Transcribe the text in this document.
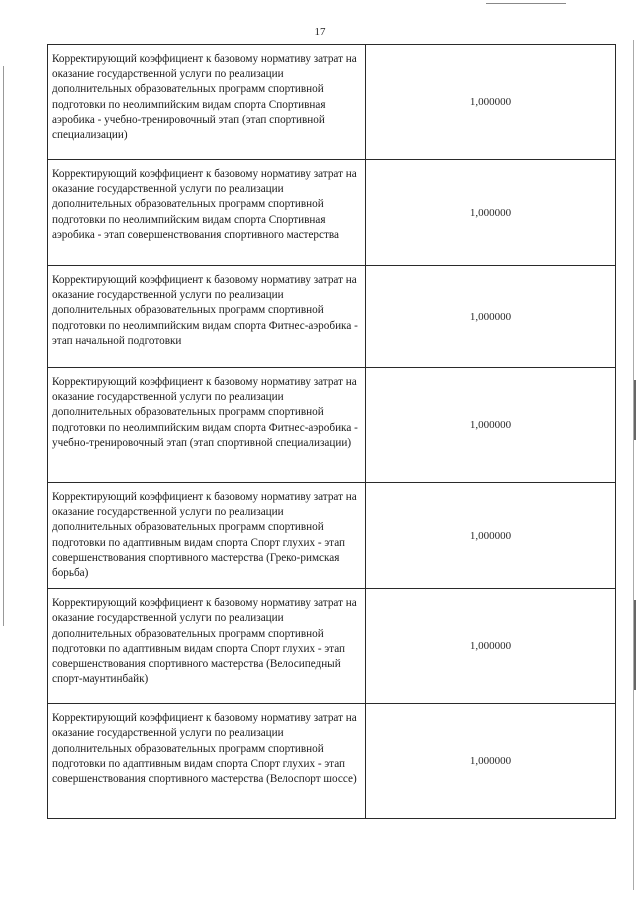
17
Корректирующий коэффициент к базовому нормативу затрат на оказание государственной услуги по реализации дополнительных образовательных программ спортивной подготовки по неолимпийским видам спорта Спортивная аэробика - учебно-тренировочный этап (этап спортивной специализации)	1,000000
Корректирующий коэффициент к базовому нормативу затрат на оказание государственной услуги по реализации дополнительных образовательных программ спортивной подготовки по неолимпийским видам спорта Спортивная аэробика - этап совершенствования спортивного мастерства	1,000000
Корректирующий коэффициент к базовому нормативу затрат на оказание государственной услуги по реализации дополнительных образовательных программ спортивной подготовки по неолимпийским видам спорта Фитнес-аэробика - этап начальной подготовки	1,000000
Корректирующий коэффициент к базовому нормативу затрат на оказание государственной услуги по реализации дополнительных образовательных программ спортивной подготовки по неолимпийским видам спорта Фитнес-аэробика - учебно-тренировочный этап (этап спортивной специализации)	1,000000
Корректирующий коэффициент к базовому нормативу затрат на оказание государственной услуги по реализации дополнительных образовательных программ спортивной подготовки по адаптивным видам спорта Спорт глухих - этап совершенствования спортивного мастерства (Греко-римская борьба)	1,000000
Корректирующий коэффициент к базовому нормативу затрат на оказание государственной услуги по реализации дополнительных образовательных программ спортивной подготовки по адаптивным видам спорта Спорт глухих - этап совершенствования спортивного мастерства (Велосипедный спорт-маунтинбайк)	1,000000
Корректирующий коэффициент к базовому нормативу затрат на оказание государственной услуги по реализации дополнительных образовательных программ спортивной подготовки по адаптивным видам спорта Спорт глухих - этап совершенствования спортивного мастерства (Велоспорт шоссе)	1,000000
